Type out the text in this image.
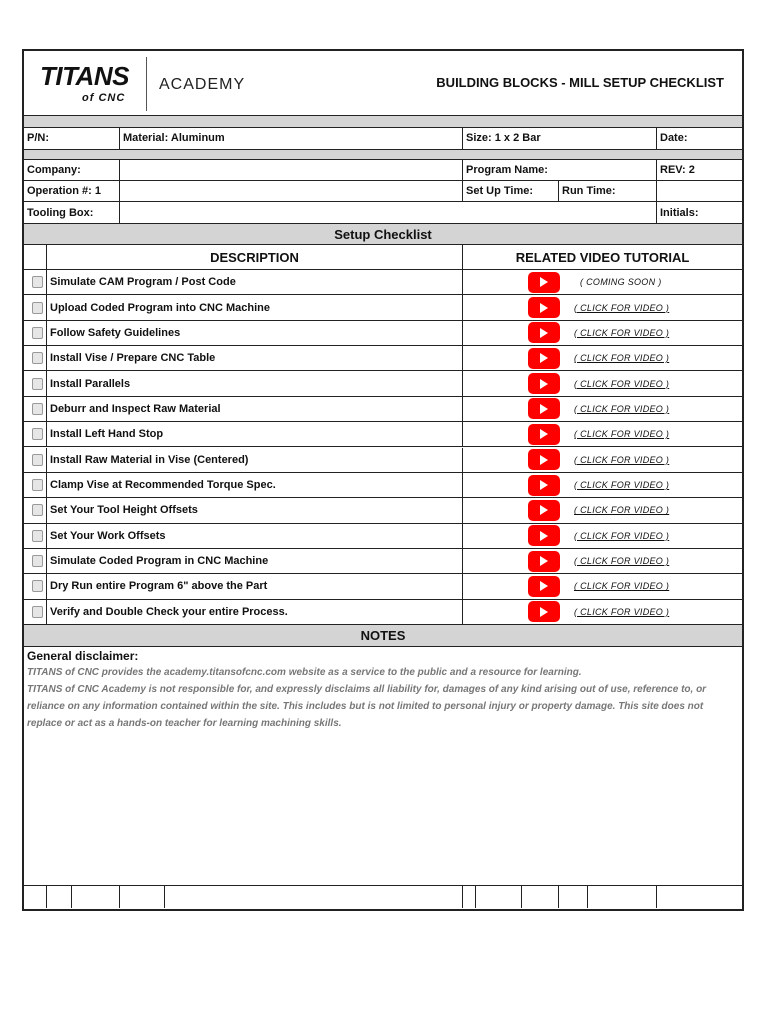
TITANS
of CNC
ACADEMY	BUILDING BLOCKS - MILL SETUP CHECKLIST
P/N:	Material: Aluminum	Size: 1 x 2 Bar	Date:
Company:	Program Name:	REV: 2
Operation #: 1	Set Up Time:	Run Time:
Tooling Box:	Initials:
Setup Checklist
DESCRIPTION	RELATED VIDEO TUTORIAL
Simulate CAM Program / Post Code	( COMING SOON )
Upload Coded Program into CNC Machine	( CLICK FOR VIDEO )
Follow Safety Guidelines	( CLICK FOR VIDEO )
Install Vise / Prepare CNC Table	( CLICK FOR VIDEO )
Install Parallels	( CLICK FOR VIDEO )
Deburr and Inspect Raw Material	( CLICK FOR VIDEO )
Install Left Hand Stop	( CLICK FOR VIDEO )
Install Raw Material in Vise (Centered)	( CLICK FOR VIDEO )
Clamp Vise at Recommended Torque Spec.	( CLICK FOR VIDEO )
Set Your Tool Height Offsets	( CLICK FOR VIDEO )
Set Your Work Offsets	( CLICK FOR VIDEO )
Simulate Coded Program in CNC Machine	( CLICK FOR VIDEO )
Dry Run entire Program 6" above the Part	( CLICK FOR VIDEO )
Verify and Double Check your entire Process.	( CLICK FOR VIDEO )
NOTES
General disclaimer:
TITANS of CNC provides the academy.titansofcnc.com website as a service to the public and a resource for learning.
TITANS of CNC Academy is not responsible for, and expressly disclaims all liability for, damages of any kind arising out of use, reference to, or
reliance on any information contained within the site. This includes but is not limited to personal injury or property damage. This site does not
replace or act as a hands-on teacher for learning machining skills.
